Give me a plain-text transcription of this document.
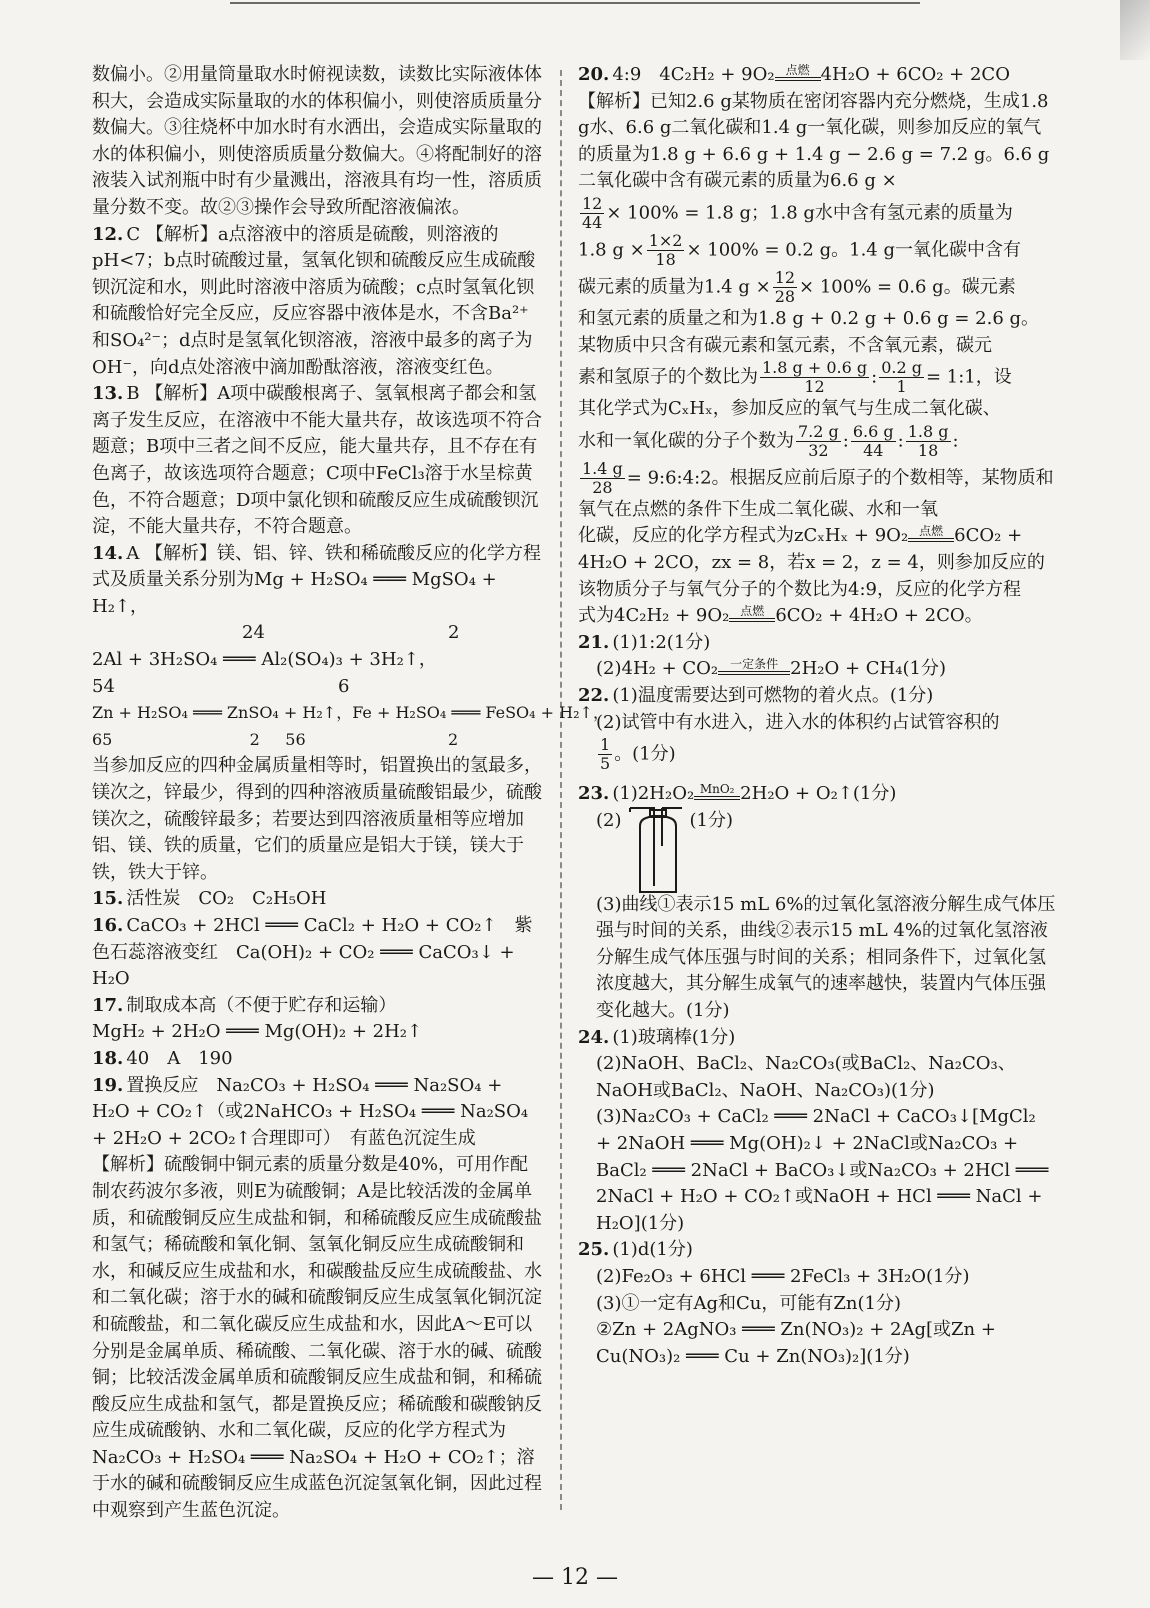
数偏小。②用量筒量取水时俯视读数，读数比实际液体体积大，会造成实际量取的水的体积偏小，则使溶质质量分数偏大。③往烧杯中加水时有水洒出，会造成实际量取的水的体积偏小，则使溶质质量分数偏大。④将配制好的溶液装入试剂瓶中时有少量溅出，溶液具有均一性，溶质质量分数不变。故②③操作会导致所配溶液偏浓。

12. C 【解析】a点溶液中的溶质是硫酸，则溶液的pH<7；b点时硫酸过量，氢氧化钡和硫酸反应生成硫酸钡沉淀和水，则此时溶液中溶质为硫酸；c点时氢氧化钡和硫酸恰好完全反应，反应容器中液体是水，不含Ba²⁺和SO₄²⁻；d点时是氢氧化钡溶液，溶液中最多的离子为OH⁻，向d点处溶液中滴加酚酞溶液，溶液变红色。

13. B 【解析】A项中碳酸根离子、氢氧根离子都会和氢离子发生反应，在溶液中不能大量共存，故该选项不符合题意；B项中三者之间不反应，能大量共存，且不存在有色离子，故该选项符合题意；C项中FeCl₃溶于水呈棕黄色，不符合题意；D项中氯化钡和硫酸反应生成硫酸钡沉淀，不能大量共存，不符合题意。

14. A 【解析】镁、铝、锌、铁和稀硫酸反应的化学方程式及质量关系分别为Mg + H₂SO₄ ═══ MgSO₄ + H₂↑，

24                                2

2Al + 3H₂SO₄ ═══ Al₂(SO₄)₃ + 3H₂↑，

54                                       6

Zn + H₂SO₄ ═══ ZnSO₄ + H₂↑，Fe + H₂SO₄ ═══ FeSO₄ + H₂↑，

65                           2     56                            2

当参加反应的四种金属质量相等时，铝置换出的氢最多，镁次之，锌最少，得到的四种溶液质量硫酸铝最少，硫酸镁次之，硫酸锌最多；若要达到四溶液质量相等应增加铝、镁、铁的质量，它们的质量应是铝大于镁，镁大于铁，铁大于锌。

15. 活性炭　CO₂　C₂H₅OH

16. CaCO₃ + 2HCl ═══ CaCl₂ + H₂O + CO₂↑　紫色石蕊溶液变红　Ca(OH)₂ + CO₂ ═══ CaCO₃↓ + H₂O

17. 制取成本高（不便于贮存和运输）

MgH₂ + 2H₂O ═══ Mg(OH)₂ + 2H₂↑

18. 40　A　190

19. 置换反应　Na₂CO₃ + H₂SO₄ ═══ Na₂SO₄ + H₂O + CO₂↑（或2NaHCO₃ + H₂SO₄ ═══ Na₂SO₄ + 2H₂O + 2CO₂↑合理即可）　有蓝色沉淀生成

【解析】硫酸铜中铜元素的质量分数是40%，可用作配制农药波尔多液，则E为硫酸铜；A是比较活泼的金属单质，和硫酸铜反应生成盐和铜，和稀硫酸反应生成硫酸盐和氢气；稀硫酸和氧化铜、氢氧化铜反应生成硫酸铜和水，和碱反应生成盐和水，和碳酸盐反应生成硫酸盐、水和二氧化碳；溶于水的碱和硫酸铜反应生成氢氧化铜沉淀和硫酸盐，和二氧化碳反应生成盐和水，因此A～E可以分别是金属单质、稀硫酸、二氧化碳、溶于水的碱、硫酸铜；比较活泼金属单质和硫酸铜反应生成盐和铜，和稀硫酸反应生成盐和氢气，都是置换反应；稀硫酸和碳酸钠反应生成硫酸钠、水和二氧化碳，反应的化学方程式为Na₂CO₃ + H₂SO₄ ═══ Na₂SO₄ + H₂O + CO₂↑；溶于水的碱和硫酸铜反应生成蓝色沉淀氢氧化铜，因此过程中观察到产生蓝色沉淀。

20. 4:9　4C₂H₂ + 9O₂ 点燃 4H₂O + 6CO₂ + 2CO

【解析】已知2.6 g某物质在密闭容器内充分燃烧，生成1.8 g水、6.6 g二氧化碳和1.4 g一氧化碳，则参加反应的氧气的质量为1.8 g + 6.6 g + 1.4 g − 2.6 g = 7.2 g。6.6 g二氧化碳中含有碳元素的质量为6.6 g ×

$\frac{12}{44} \times 100\% = 1.8$ g；1.8 g水中含有氢元素的质量为

1.8 $g \times \frac{1\times 2}{18} \times 100\% = 0.2$ g。1.4 g一氧化碳中含有

碳元素的质量为1.4 $g \times \frac{12}{28} \times 100\% = 0.6$ g。碳元素

和氢元素的质量之和为1.8 g + 0.2 g + 0.6 g = 2.6 g。某物质中只含有碳元素和氢元素，不含氧元素，碳元

素和氢原子的个数比为 $\frac{1.8 g + 0.6 g}{12}$ : $\frac{0.2 g}{1}$ = 1:1，设

其化学式为CₓHₓ，参加反应的氧气与生成二氧化碳、

水和一氧化碳的分子个数为 $\frac{7.2 g}{32}$ : $\frac{6.6 g}{44}$ : $\frac{1.8 g}{18}$ :

$\frac{1.4 g}{28}$ = 9:6:4:2。根据反应前后原子的个数相等，某物质和氧气在点燃的条件下生成二氧化碳、水和一氧

化碳，反应的化学方程式为zCₓHₓ + 9O₂ 点燃 6CO₂ +

4H₂O + 2CO，zx = 8，若x = 2，z = 4，则参加反应的该物质分子与氧气分子的个数比为4:9，反应的化学方程

式为4C₂H₂ + 9O₂ 点燃 6CO₂ + 4H₂O + 2CO。

21. (1)1:2(1分)

(2)4H₂ + CO₂ 一定条件 2H₂O + CH₄(1分)

22. (1)温度需要达到可燃物的着火点。(1分)

(2)试管中有水进入，进入水的体积约占试管容积的

$\frac{1}{5}$ 。(1分)

23. (1)2H₂O₂ MnO₂ 2H₂O + O₂↑(1分)

(2)	(1分)

(3)曲线①表示15 mL 6%的过氧化氢溶液分解生成气体压强与时间的关系，曲线②表示15 mL 4%的过氧化氢溶液分解生成气体压强与时间的关系；相同条件下，过氧化氢浓度越大，其分解生成氧气的速率越快，装置内气体压强变化越大。(1分)

24. (1)玻璃棒(1分)

(2)NaOH、BaCl₂、Na₂CO₃(或BaCl₂、Na₂CO₃、NaOH或BaCl₂、NaOH、Na₂CO₃)(1分)

(3)Na₂CO₃ + CaCl₂ ═══ 2NaCl + CaCO₃↓[MgCl₂ + 2NaOH ═══ Mg(OH)₂↓ + 2NaCl或Na₂CO₃ + BaCl₂ ═══ 2NaCl + BaCO₃↓或Na₂CO₃ + 2HCl ═══ 2NaCl + H₂O + CO₂↑或NaOH + HCl ═══ NaCl + H₂O](1分)

25. (1)d(1分)

(2)Fe₂O₃ + 6HCl ═══ 2FeCl₃ + 3H₂O(1分)

(3)①一定有Ag和Cu，可能有Zn(1分)

②Zn + 2AgNO₃ ═══ Zn(NO₃)₂ + 2Ag[或Zn + Cu(NO₃)₂ ═══ Cu + Zn(NO₃)₂](1分)

— 12 —
